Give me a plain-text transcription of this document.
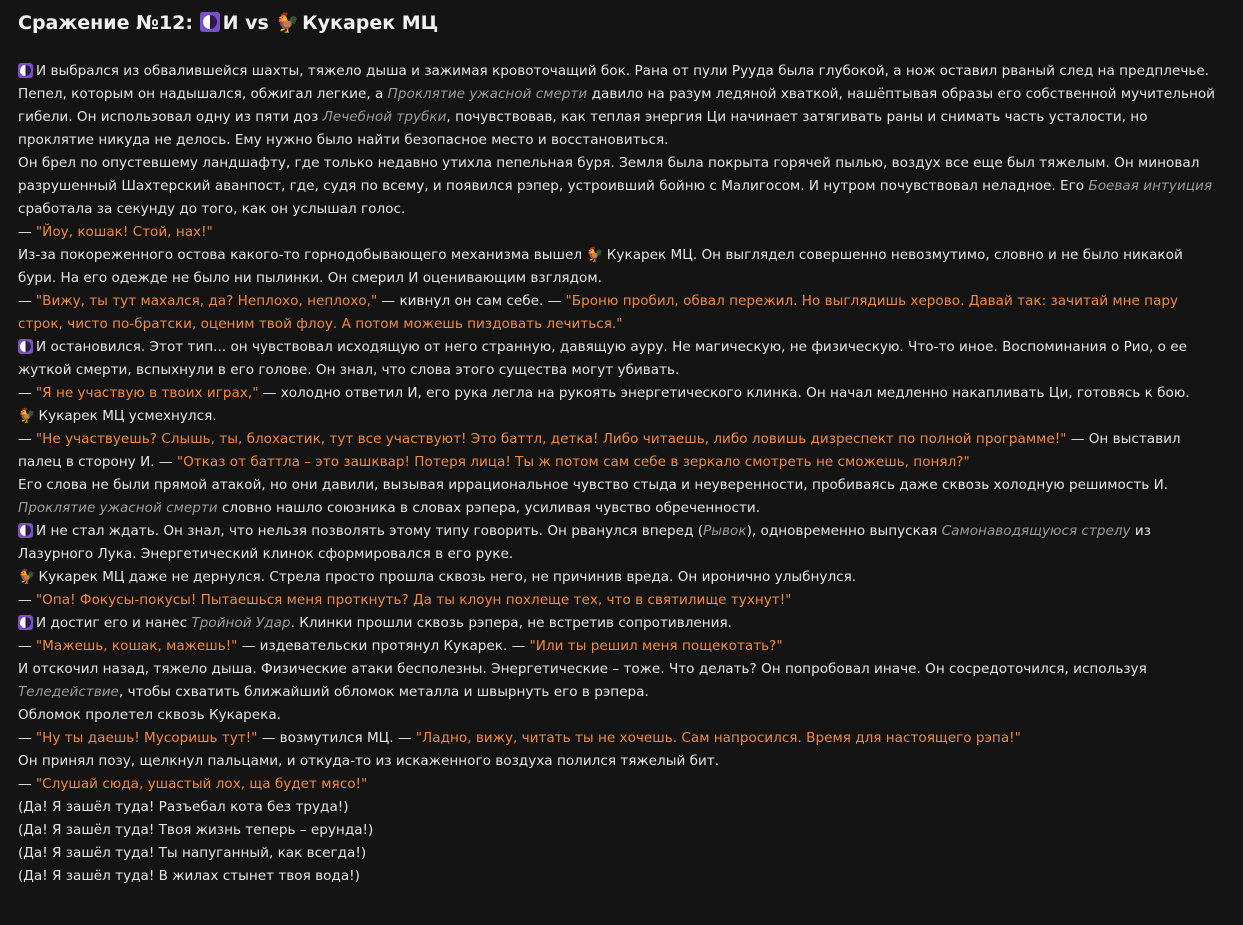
Сражение №12: И vs 🐓 Кукарек МЦ

И выбрался из обвалившейся шахты, тяжело дыша и зажимая кровоточащий бок. Рана от пули Рууда была глубокой, а нож оставил рваный след на предплечье. Пепел, которым он надышался, обжигал легкие, а Проклятие ужасной смерти давило на разум ледяной хваткой, нашёптывая образы его собственной мучительной гибели. Он использовал одну из пяти доз Лечебной трубки, почувствовав, как теплая энергия Ци начинает затягивать раны и снимать часть усталости, но проклятие никуда не делось. Ему нужно было найти безопасное место и восстановиться.

Он брел по опустевшему ландшафту, где только недавно утихла пепельная буря. Земля была покрыта горячей пылью, воздух все еще был тяжелым. Он миновал разрушенный Шахтерский аванпост, где, судя по всему, и появился рэпер, устроивший бойню с Малигосом. И нутром почувствовал неладное. Его Боевая интуиция сработала за секунду до того, как он услышал голос.

— "Йоу, кошак! Стой, нах!"

Из-за покореженного остова какого-то горнодобывающего механизма вышел 🐓 Кукарек МЦ. Он выглядел совершенно невозмутимо, словно и не было никакой бури. На его одежде не было ни пылинки. Он смерил И оценивающим взглядом.

— "Вижу, ты тут махался, да? Неплохо, неплохо," — кивнул он сам себе. — "Броню пробил, обвал пережил. Но выглядишь херово. Давай так: зачитай мне пару строк, чисто по-братски, оценим твой флоу. А потом можешь пиздовать лечиться."

И остановился. Этот тип... он чувствовал исходящую от него странную, давящую ауру. Не магическую, не физическую. Что-то иное. Воспоминания о Рио, о ее жуткой смерти, вспыхнули в его голове. Он знал, что слова этого существа могут убивать.

— "Я не участвую в твоих играх," — холодно ответил И, его рука легла на рукоять энергетического клинка. Он начал медленно накапливать Ци, готовясь к бою.

🐓 Кукарек МЦ усмехнулся.

— "Не участвуешь? Слышь, ты, блохастик, тут все участвуют! Это баттл, детка! Либо читаешь, либо ловишь дизреспект по полной программе!" — Он выставил палец в сторону И. — "Отказ от баттла – это зашквар! Потеря лица! Ты ж потом сам себе в зеркало смотреть не сможешь, понял?"

Его слова не были прямой атакой, но они давили, вызывая иррациональное чувство стыда и неуверенности, пробиваясь даже сквозь холодную решимость И. Проклятие ужасной смерти словно нашло союзника в словах рэпера, усиливая чувство обреченности.

И не стал ждать. Он знал, что нельзя позволять этому типу говорить. Он рванулся вперед (Рывок), одновременно выпуская Самонаводящуюся стрелу из Лазурного Лука. Энергетический клинок сформировался в его руке.

🐓 Кукарек МЦ даже не дернулся. Стрела просто прошла сквозь него, не причинив вреда. Он иронично улыбнулся.

— "Опа! Фокусы-покусы! Пытаешься меня проткнуть? Да ты клоун похлеще тех, что в святилище тухнут!"

И достиг его и нанес Тройной Удар. Клинки прошли сквозь рэпера, не встретив сопротивления.

— "Мажешь, кошак, мажешь!" — издевательски протянул Кукарек. — "Или ты решил меня пощекотать?"

И отскочил назад, тяжело дыша. Физические атаки бесполезны. Энергетические – тоже. Что делать? Он попробовал иначе. Он сосредоточился, используя Теледействие, чтобы схватить ближайший обломок металла и швырнуть его в рэпера.

Обломок пролетел сквозь Кукарека.

— "Ну ты даешь! Мусоришь тут!" — возмутился МЦ. — "Ладно, вижу, читать ты не хочешь. Сам напросился. Время для настоящего рэпа!"

Он принял позу, щелкнул пальцами, и откуда-то из искаженного воздуха полился тяжелый бит.

— "Слушай сюда, ушастый лох, ща будет мясо!"

(Да! Я зашёл туда! Разъебал кота без труда!)

(Да! Я зашёл туда! Твоя жизнь теперь – ерунда!)

(Да! Я зашёл туда! Ты напуганный, как всегда!)

(Да! Я зашёл туда! В жилах стынет твоя вода!)
